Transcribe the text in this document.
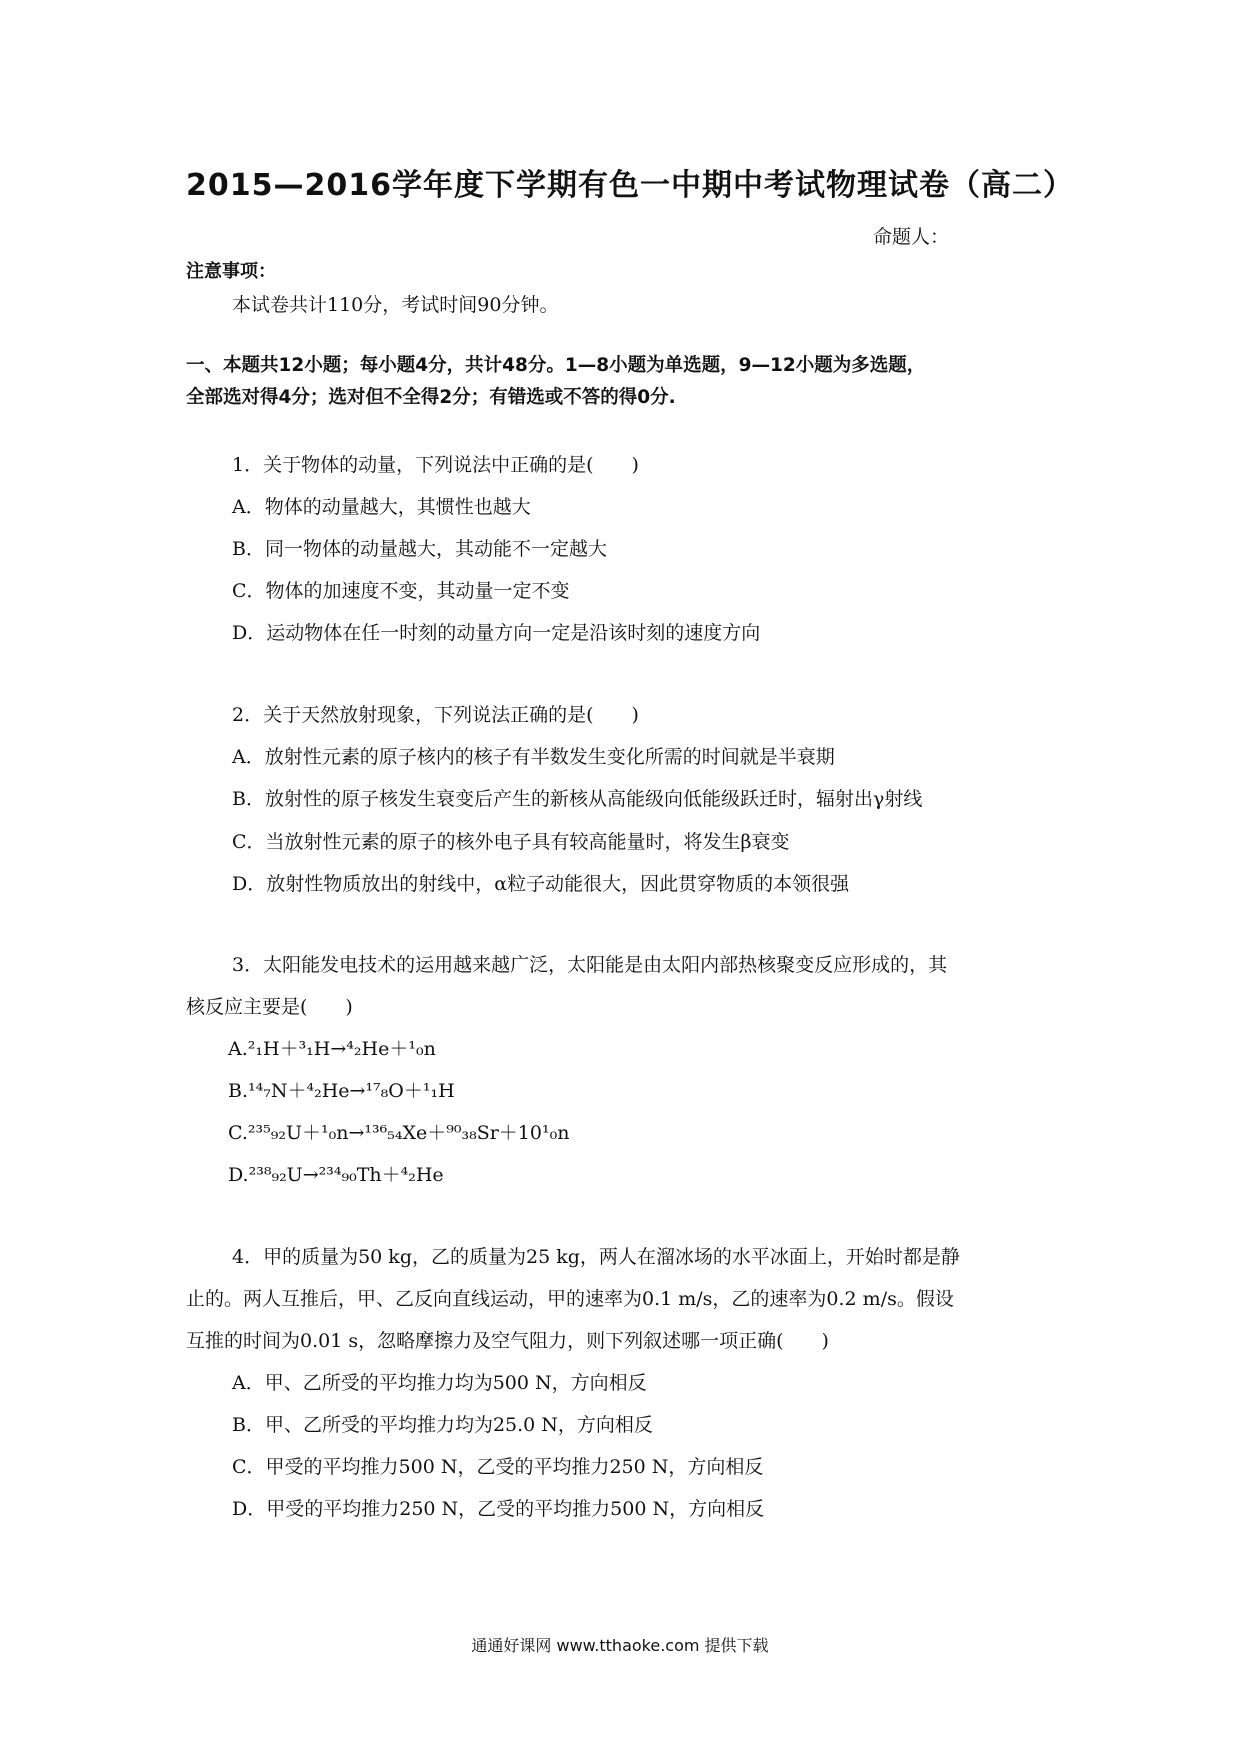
2015—2016学年度下学期有色一中期中考试物理试卷（高二）
命题人：
注意事项：
本试卷共计110分，考试时间90分钟。
一、本题共12小题；每小题4分，共计48分。1—8小题为单选题，9—12小题为多选题，
全部选对得4分；选对但不全得2分；有错选或不答的得0分.
1．关于物体的动量，下列说法中正确的是(　　)
A．物体的动量越大，其惯性也越大
B．同一物体的动量越大，其动能不一定越大
C．物体的加速度不变，其动量一定不变
D．运动物体在任一时刻的动量方向一定是沿该时刻的速度方向
2．关于天然放射现象，下列说法正确的是(　　)
A．放射性元素的原子核内的核子有半数发生变化所需的时间就是半衰期
B．放射性的原子核发生衰变后产生的新核从高能级向低能级跃迁时，辐射出γ射线
C．当放射性元素的原子的核外电子具有较高能量时，将发生β衰变
D．放射性物质放出的射线中，α粒子动能很大，因此贯穿物质的本领很强
3．太阳能发电技术的运用越来越广泛，太阳能是由太阳内部热核聚变反应形成的，其
核反应主要是(　　)
A.²₁H＋³₁H→⁴₂He＋¹₀n
B.¹⁴₇N＋⁴₂He→¹⁷₈O＋¹₁H
C.²³⁵₉₂U＋¹₀n→¹³⁶₅₄Xe＋⁹⁰₃₈Sr＋10¹₀n
D.²³⁸₉₂U→²³⁴₉₀Th＋⁴₂He
4．甲的质量为50 kg，乙的质量为25 kg，两人在溜冰场的水平冰面上，开始时都是静
止的。两人互推后，甲、乙反向直线运动，甲的速率为0.1 m/s，乙的速率为0.2 m/s。假设
互推的时间为0.01 s，忽略摩擦力及空气阻力，则下列叙述哪一项正确(　　)
A．甲、乙所受的平均推力均为500 N，方向相反
B．甲、乙所受的平均推力均为25.0 N，方向相反
C．甲受的平均推力500 N，乙受的平均推力250 N，方向相反
D．甲受的平均推力250 N，乙受的平均推力500 N，方向相反
通通好课网 www.tthaoke.com 提供下载
